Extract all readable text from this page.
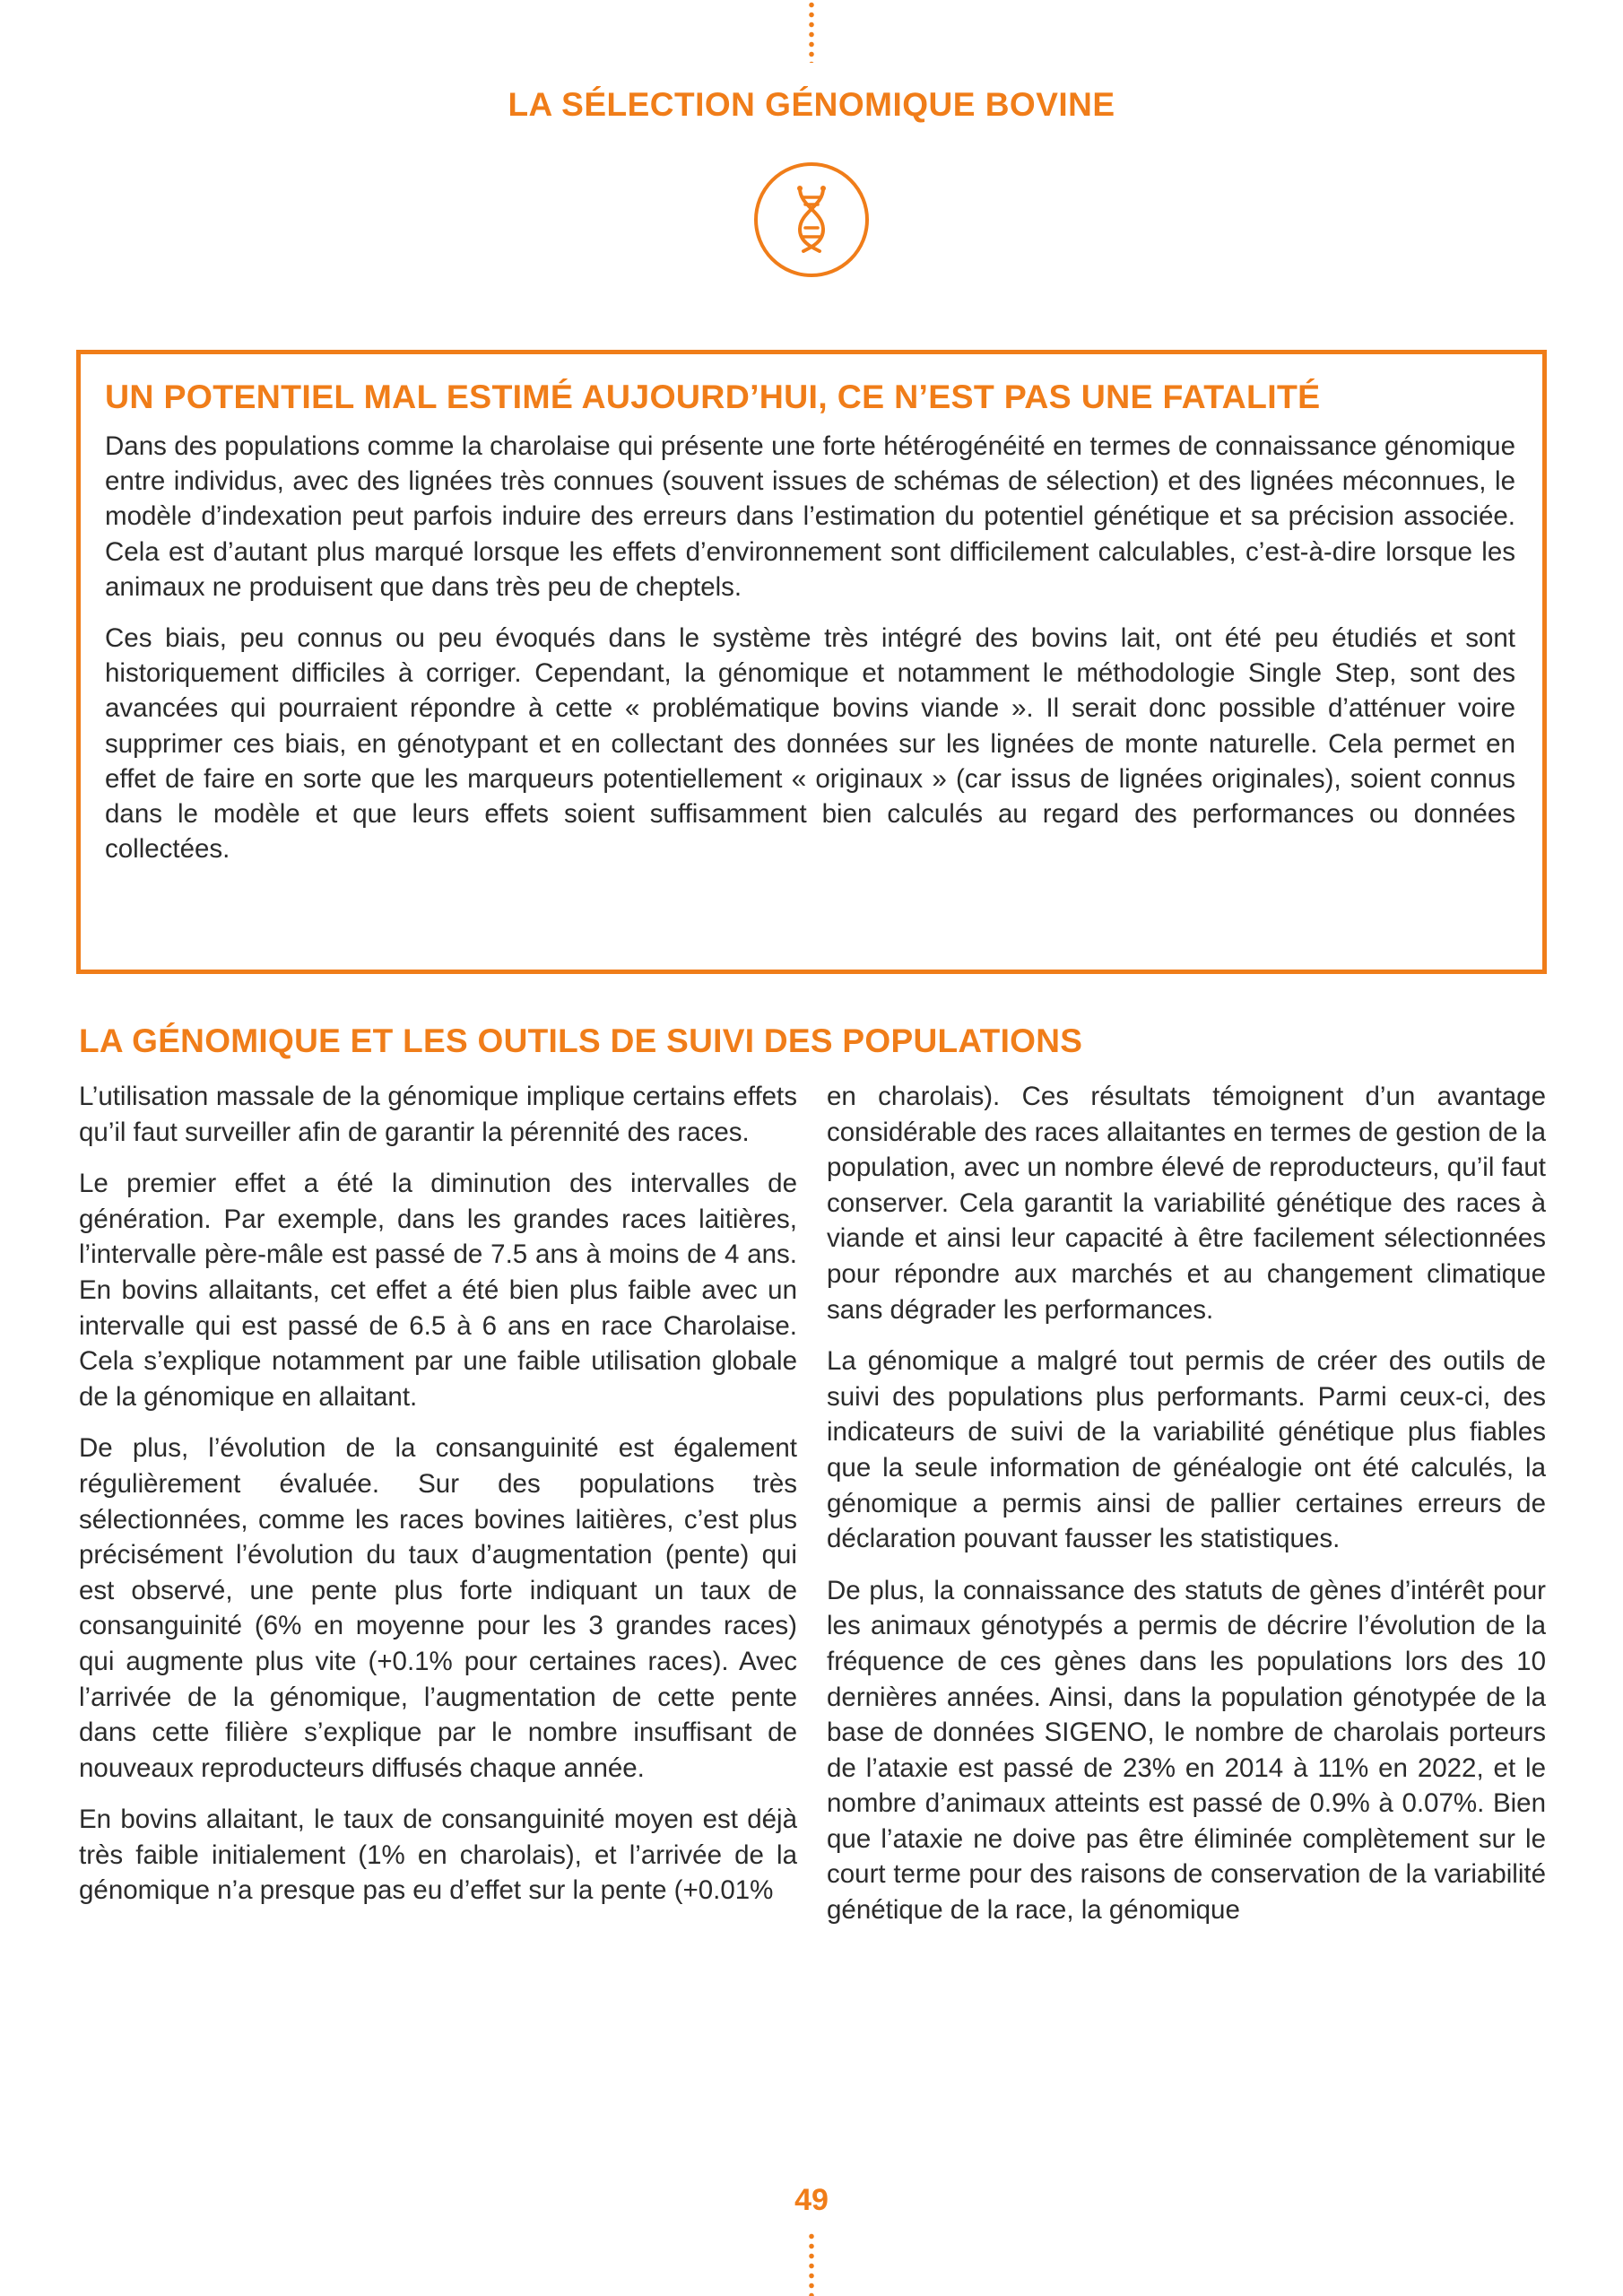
LA SÉLECTION GÉNOMIQUE BOVINE
UN POTENTIEL MAL ESTIMÉ AUJOURD’HUI, CE N’EST PAS UNE FATALITÉ

Dans des populations comme la charolaise qui présente une forte hétérogénéité en termes de connaissance génomique entre individus, avec des lignées très connues (souvent issues de schémas de sélection) et des lignées méconnues, le modèle d’indexation peut parfois induire des erreurs dans l’estimation du potentiel génétique et sa précision associée. Cela est d’autant plus marqué lorsque les effets d’environnement sont difficilement calculables, c’est-à-dire lorsque les animaux ne produisent que dans très peu de cheptels.

Ces biais, peu connus ou peu évoqués dans le système très intégré des bovins lait, ont été peu étudiés et sont historiquement difficiles à corriger. Cependant, la génomique et notamment le méthodologie Single Step, sont des avancées qui pourraient répondre à cette « problématique bovins viande ». Il serait donc possible d’atténuer voire supprimer ces biais, en génotypant et en collectant des données sur les lignées de monte naturelle. Cela permet en effet de faire en sorte que les marqueurs potentiellement « originaux » (car issus de lignées originales), soient connus dans le modèle et que leurs effets soient suffisamment bien calculés au regard des performances ou données collectées.

LA GÉNOMIQUE ET LES OUTILS DE SUIVI DES POPULATIONS

L’utilisation massale de la génomique implique certains effets qu’il faut surveiller afin de garantir la pérennité des races.

Le premier effet a été la diminution des intervalles de génération. Par exemple, dans les grandes races laitières, l’intervalle père-mâle est passé de 7.5 ans à moins de 4 ans. En bovins allaitants, cet effet a été bien plus faible avec un intervalle qui est passé de 6.5 à 6 ans en race Charolaise. Cela s’explique notamment par une faible utilisation globale de la génomique en allaitant.

De plus, l’évolution de la consanguinité est également régulièrement évaluée. Sur des populations très sélectionnées, comme les races bovines laitières, c’est plus précisément l’évolution du taux d’augmentation (pente) qui est observé, une pente plus forte indiquant un taux de consanguinité (6% en moyenne pour les 3 grandes races) qui augmente plus vite (+0.1% pour certaines races). Avec l’arrivée de la génomique, l’augmentation de cette pente dans cette filière s’explique par le nombre insuffisant de nouveaux reproducteurs diffusés chaque année.

En bovins allaitant, le taux de consanguinité moyen est déjà très faible initialement (1% en charolais), et l’arrivée de la génomique n’a presque pas eu d’effet sur la pente (+0.01%

en charolais). Ces résultats témoignent d’un avantage considérable des races allaitantes en termes de gestion de la population, avec un nombre élevé de reproducteurs, qu’il faut conserver. Cela garantit la variabilité génétique des races à viande et ainsi leur capacité à être facilement sélectionnées pour répondre aux marchés et au changement climatique sans dégrader les performances.

La génomique a malgré tout permis de créer des outils de suivi des populations plus performants. Parmi ceux-ci, des indicateurs de suivi de la variabilité génétique plus fiables que la seule information de généalogie ont été calculés, la génomique a permis ainsi de pallier certaines erreurs de déclaration pouvant fausser les statistiques.

De plus, la connaissance des statuts de gènes d’intérêt pour les animaux génotypés a permis de décrire l’évolution de la fréquence de ces gènes dans les populations lors des 10 dernières années. Ainsi, dans la population génotypée de la base de données SIGENO, le nombre de charolais porteurs de l’ataxie est passé de 23% en 2014 à 11% en 2022, et le nombre d’animaux atteints est passé de 0.9% à 0.07%. Bien que l’ataxie ne doive pas être éliminée complètement sur le court terme pour des raisons de conservation de la variabilité génétique de la race, la génomique

49
